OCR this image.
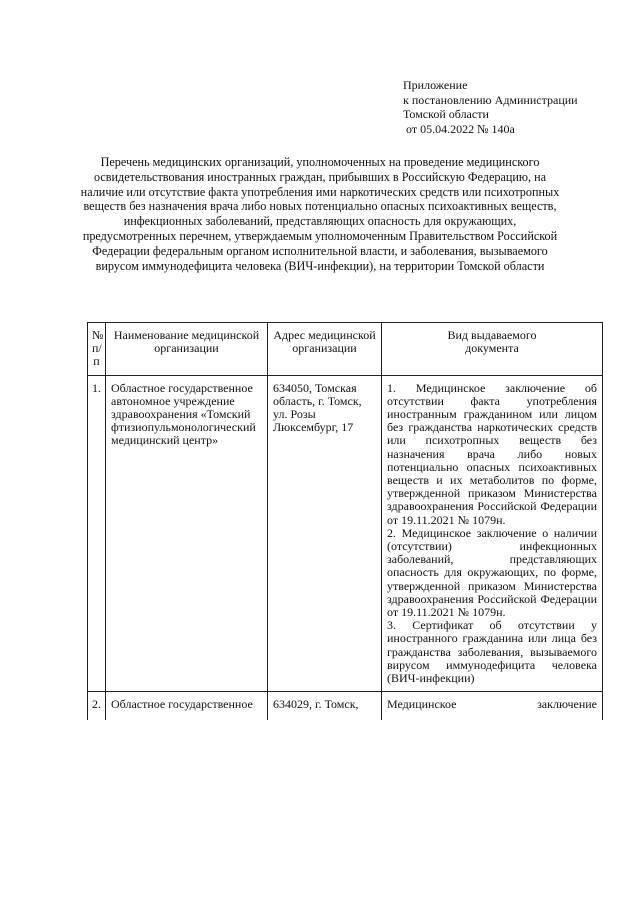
Приложение
к постановлению Администрации
Томской области
от 05.04.2022 № 140а
Перечень медицинских организаций, уполномоченных на проведение медицинского освидетельствования иностранных граждан, прибывших в Российскую Федерацию, на наличие или отсутствие факта употребления ими наркотических средств или психотропных веществ без назначения врача либо новых потенциально опасных психоактивных веществ, инфекционных заболеваний, представляющих опасность для окружающих, предусмотренных перечнем, утверждаемым уполномоченным Правительством Российской Федерации федеральным органом исполнительной власти, и заболевания, вызываемого вирусом иммунодефицита человека (ВИЧ-инфекции), на территории Томской области
№ п/п	Наименование медицинской организации	Адрес медицинской организации	Вид выдаваемого документа
1.	Областное государственное автономное учреждение здравоохранения «Томский фтизиопульмонологический медицинский центр»	634050, Томская область, г. Томск, ул. Розы Люксембург, 17	1. Медицинское заключение об отсутствии факта употребления иностранным гражданином или лицом без гражданства наркотических средств или психотропных веществ без назначения врача либо новых потенциально опасных психоактивных веществ и их метаболитов по форме, утвержденной приказом Министерства здравоохранения Российской Федерации от 19.11.2021 № 1079н.
2. Медицинское заключение о наличии (отсутствии) инфекционных заболеваний, представляющих опасность для окружающих, по форме, утвержденной приказом Министерства здравоохранения Российской Федерации от 19.11.2021 № 1079н.
3. Сертификат об отсутствии у иностранного гражданина или лица без гражданства заболевания, вызываемого вирусом иммунодефицита человека (ВИЧ-инфекции)

2.	Областное государственное	634029, г. Томск,	Медицинское заключение
